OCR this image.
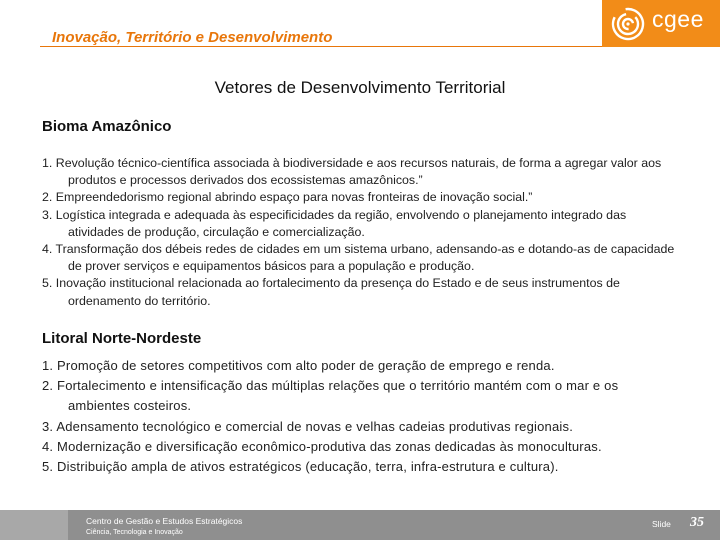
Inovação, Território e Desenvolvimento
cgee
Vetores de Desenvolvimento Territorial
Bioma Amazônico
1. Revolução técnico-científica associada à biodiversidade e aos recursos naturais, de forma a agregar valor aos produtos e processos derivados dos ecossistemas amazônicos.”
2. Empreendedorismo regional abrindo espaço para novas fronteiras de inovação social.”
3. Logística integrada e adequada às especificidades da região, envolvendo o planejamento integrado das atividades de produção, circulação e comercialização.
4. Transformação dos débeis redes de cidades em um sistema urbano, adensando-as e dotando-as de capacidade de prover serviços e equipamentos básicos para a população e produção.
5. Inovação institucional relacionada ao fortalecimento da presença do Estado e de seus instrumentos de ordenamento do território.
Litoral Norte-Nordeste
1. Promoção de setores competitivos com alto poder de geração de emprego e renda.
2. Fortalecimento e intensificação das múltiplas relações que o território mantém com o mar e os ambientes costeiros.
3. Adensamento tecnológico e comercial de novas e velhas cadeias produtivas regionais.
4. Modernização e diversificação econômico-produtiva das zonas dedicadas às monoculturas.
5. Distribuição ampla de ativos estratégicos (educação, terra, infra-estrutura e cultura).
Centro de Gestão e Estudos Estratégicos
Ciência, Tecnologia e Inovação
Slide 35
